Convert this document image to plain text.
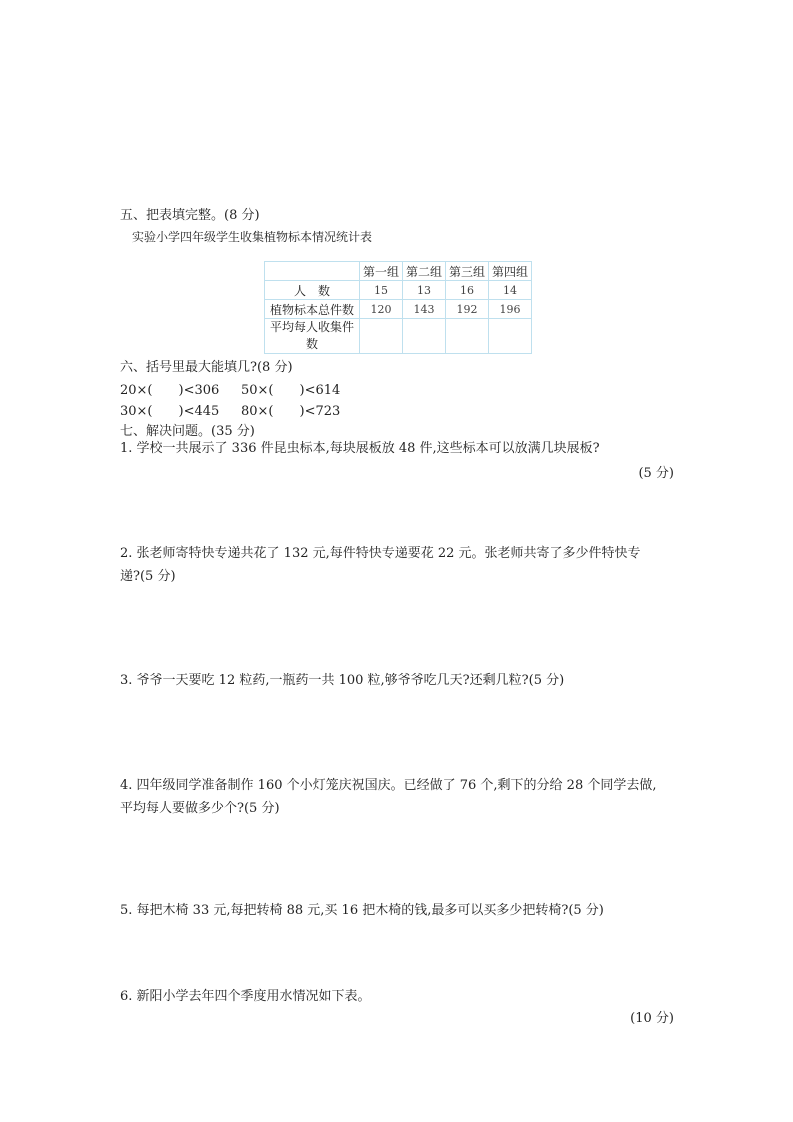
五、把表填完整。(8 分)
实验小学四年级学生收集植物标本情况统计表
	第一组	第二组	第三组	第四组
人　数	15	13	16	14
植物标本总件数	120	143	192	196

平均每人收集件
数				

六、括号里最大能填几?(8 分)
20×(　　)<306 50×(　　)<614
30×(　　)<445 80×(　　)<723
七、解决问题。(35 分)
1. 学校一共展示了 336 件昆虫标本,每块展板放 48 件,这些标本可以放满几块展板?
(5 分)
2. 张老师寄特快专递共花了 132 元,每件特快专递要花 22 元。张老师共寄了多少件特快专
递?(5 分)
3. 爷爷一天要吃 12 粒药,一瓶药一共 100 粒,够爷爷吃几天?还剩几粒?(5 分)
4. 四年级同学准备制作 160 个小灯笼庆祝国庆。已经做了 76 个,剩下的分给 28 个同学去做,
平均每人要做多少个?(5 分)
5. 每把木椅 33 元,每把转椅 88 元,买 16 把木椅的钱,最多可以买多少把转椅?(5 分)
6. 新阳小学去年四个季度用水情况如下表。
(10 分)
